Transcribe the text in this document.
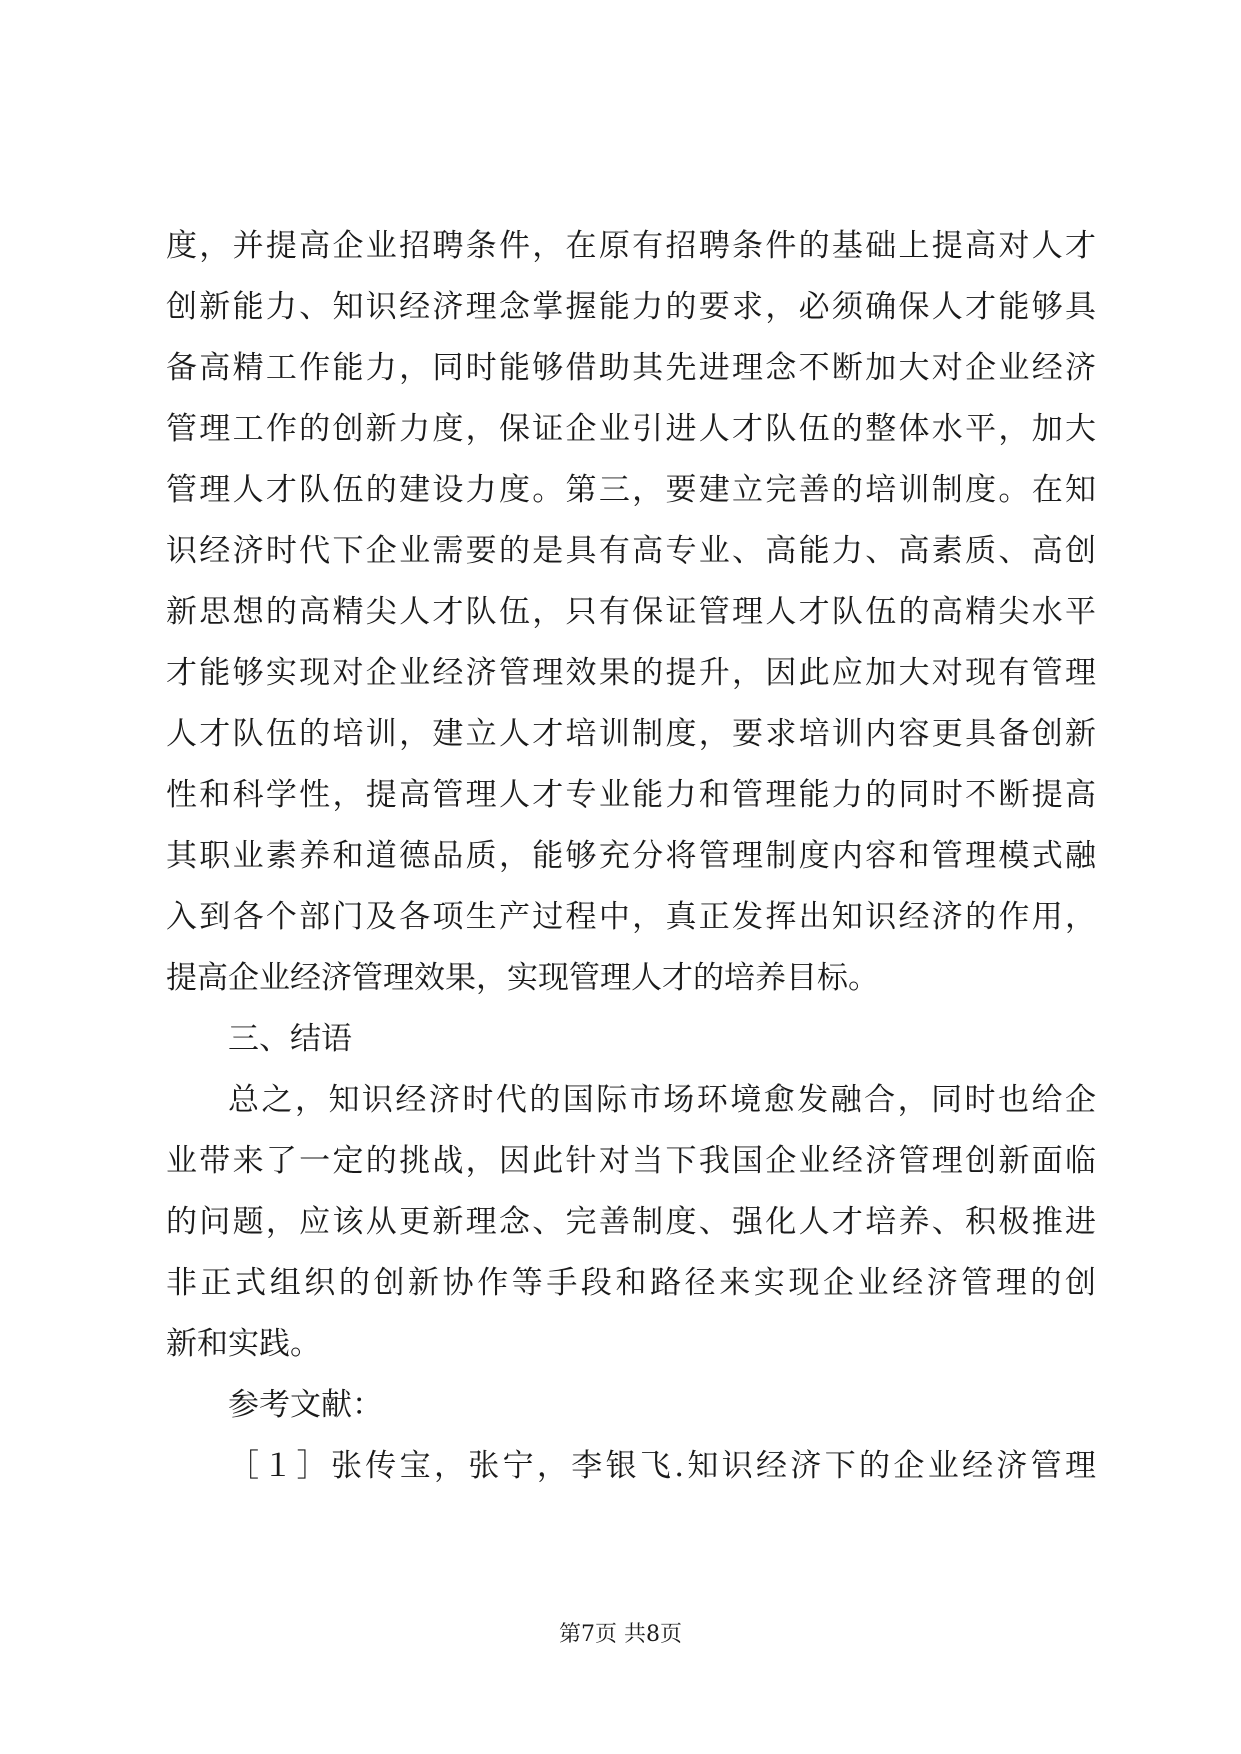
度，并提高企业招聘条件，在原有招聘条件的基础上提高对人才
创新能力、知识经济理念掌握能力的要求，必须确保人才能够具
备高精工作能力，同时能够借助其先进理念不断加大对企业经济
管理工作的创新力度，保证企业引进人才队伍的整体水平，加大
管理人才队伍的建设力度。第三，要建立完善的培训制度。在知
识经济时代下企业需要的是具有高专业、高能力、高素质、高创
新思想的高精尖人才队伍，只有保证管理人才队伍的高精尖水平
才能够实现对企业经济管理效果的提升，因此应加大对现有管理
人才队伍的培训，建立人才培训制度，要求培训内容更具备创新
性和科学性，提高管理人才专业能力和管理能力的同时不断提高
其职业素养和道德品质，能够充分将管理制度内容和管理模式融
入到各个部门及各项生产过程中，真正发挥出知识经济的作用，
提高企业经济管理效果，实现管理人才的培养目标。
三、结语
总之，知识经济时代的国际市场环境愈发融合，同时也给企
业带来了一定的挑战，因此针对当下我国企业经济管理创新面临
的问题，应该从更新理念、完善制度、强化人才培养、积极推进
非正式组织的创新协作等手段和路径来实现企业经济管理的创
新和实践。
参考文献：
［１］张传宝，张宁，李银飞.知识经济下的企业经济管理
第7页 共8页
